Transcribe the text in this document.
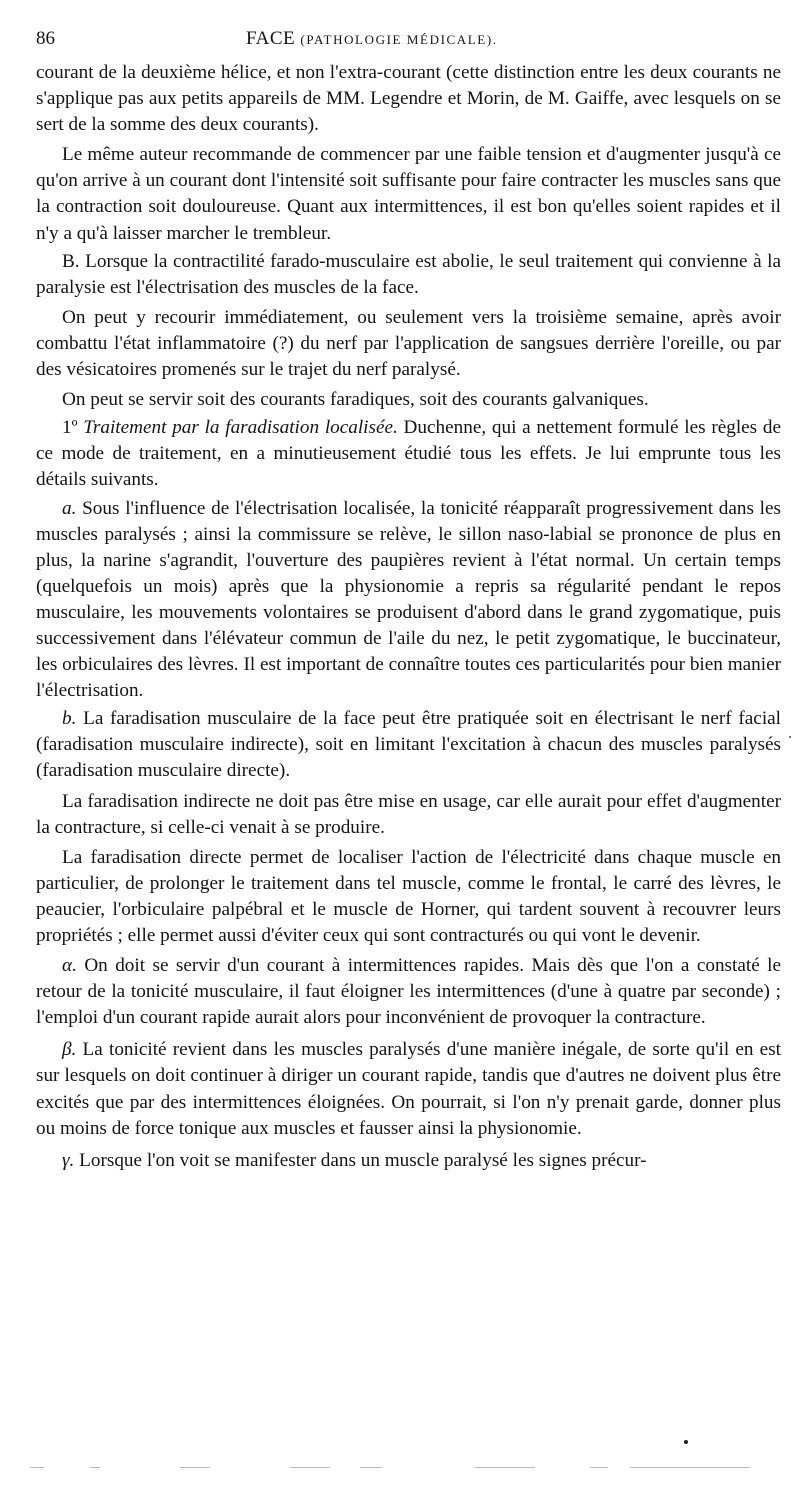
86	FACE (PATHOLOGIE MÉDICALE).

courant de la deuxième hélice, et non l'extra-courant (cette distinction entre les deux courants ne s'applique pas aux petits appareils de MM. Legendre et Morin, de M. Gaiffe, avec lesquels on se sert de la somme des deux courants).

Le même auteur recommande de commencer par une faible tension et d'augmenter jusqu'à ce qu'on arrive à un courant dont l'intensité soit suffisante pour faire contracter les muscles sans que la contraction soit douloureuse. Quant aux intermittences, il est bon qu'elles soient rapides et il n'y a qu'à laisser marcher le trembleur.

B. Lorsque la contractilité farado-musculaire est abolie, le seul traitement qui convienne à la paralysie est l'électrisation des muscles de la face.

On peut y recourir immédiatement, ou seulement vers la troisième semaine, après avoir combattu l'état inflammatoire (?) du nerf par l'application de sangsues derrière l'oreille, ou par des vésicatoires promenés sur le trajet du nerf paralysé.

On peut se servir soit des courants faradiques, soit des courants galvaniques.

1º Traitement par la faradisation localisée. Duchenne, qui a nettement formulé les règles de ce mode de traitement, en a minutieusement étudié tous les effets. Je lui emprunte tous les détails suivants.

a. Sous l'influence de l'électrisation localisée, la tonicité réapparaît progressivement dans les muscles paralysés ; ainsi la commissure se relève, le sillon naso-labial se prononce de plus en plus, la narine s'agrandit, l'ouverture des paupières revient à l'état normal. Un certain temps (quelquefois un mois) après que la physionomie a repris sa régularité pendant le repos musculaire, les mouvements volontaires se produisent d'abord dans le grand zygomatique, puis successivement dans l'élévateur commun de l'aile du nez, le petit zygomatique, le buccinateur, les orbiculaires des lèvres. Il est important de connaître toutes ces particularités pour bien manier l'électrisation.

b. La faradisation musculaire de la face peut être pratiquée soit en électrisant le nerf facial (faradisation musculaire indirecte), soit en limitant l'excitation à chacun des muscles paralysés (faradisation musculaire directe).

La faradisation indirecte ne doit pas être mise en usage, car elle aurait pour effet d'augmenter la contracture, si celle-ci venait à se produire.

La faradisation directe permet de localiser l'action de l'électricité dans chaque muscle en particulier, de prolonger le traitement dans tel muscle, comme le frontal, le carré des lèvres, le peaucier, l'orbiculaire palpébral et le muscle de Horner, qui tardent souvent à recouvrer leurs propriétés ; elle permet aussi d'éviter ceux qui sont contracturés ou qui vont le devenir.

α. On doit se servir d'un courant à intermittences rapides. Mais dès que l'on a constaté le retour de la tonicité musculaire, il faut éloigner les intermittences (d'une à quatre par seconde) ; l'emploi d'un courant rapide aurait alors pour inconvénient de provoquer la contracture.

β. La tonicité revient dans les muscles paralysés d'une manière inégale, de sorte qu'il en est sur lesquels on doit continuer à diriger un courant rapide, tandis que d'autres ne doivent plus être excités que par des intermittences éloignées. On pourrait, si l'on n'y prenait garde, donner plus ou moins de force tonique aux muscles et fausser ainsi la physionomie.

γ. Lorsque l'on voit se manifester dans un muscle paralysé les signes précur-
